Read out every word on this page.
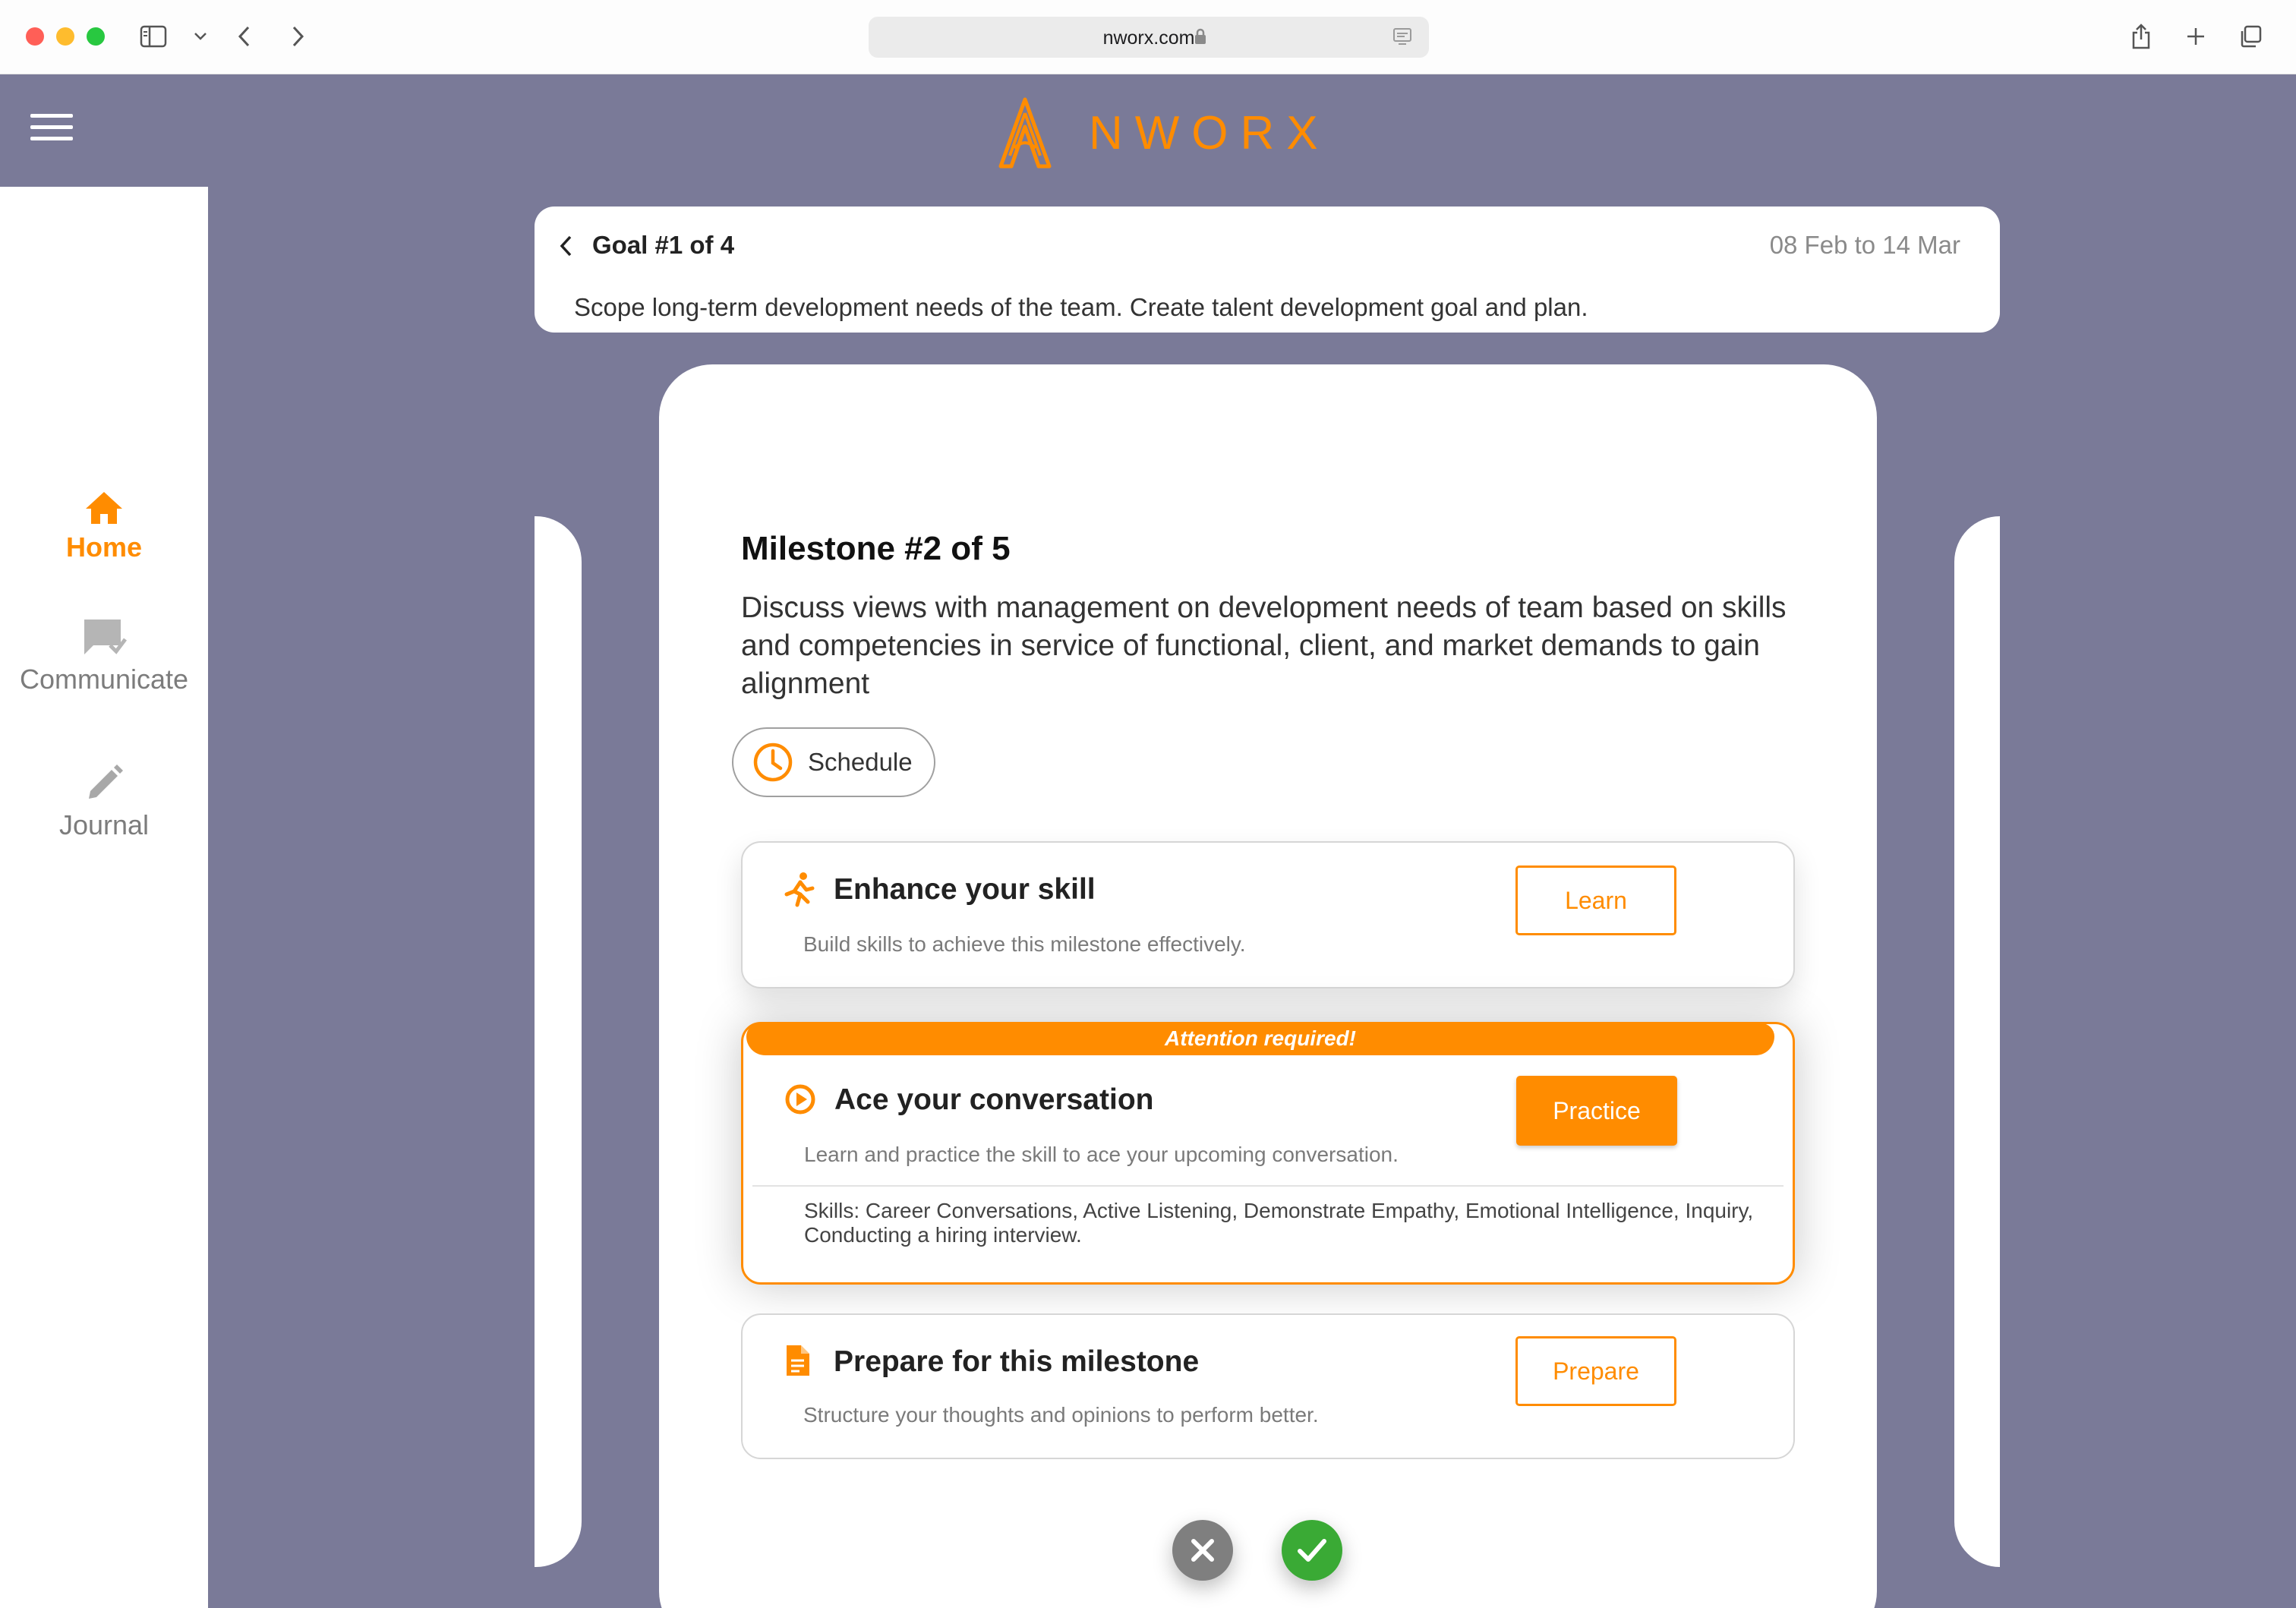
nworx.com
NWORX
Home
Communicate
Journal
Goal #1 of 4	08 Feb to 14 Mar
Scope long-term development needs of the team. Create talent development goal and plan.
Milestone #2 of 5
Discuss views with management on development needs of team based on skills and competencies in service of functional, client, and market demands to gain alignment
Schedule
Enhance your skill
Build skills to achieve this milestone effectively.
Learn
Attention required!
Ace your conversation
Learn and practice the skill to ace your upcoming conversation.
Practice
Skills: Career Conversations, Active Listening, Demonstrate Empathy, Emotional Intelligence, Inquiry, Conducting a hiring interview.
Prepare for this milestone
Structure your thoughts and opinions to perform better.
Prepare
